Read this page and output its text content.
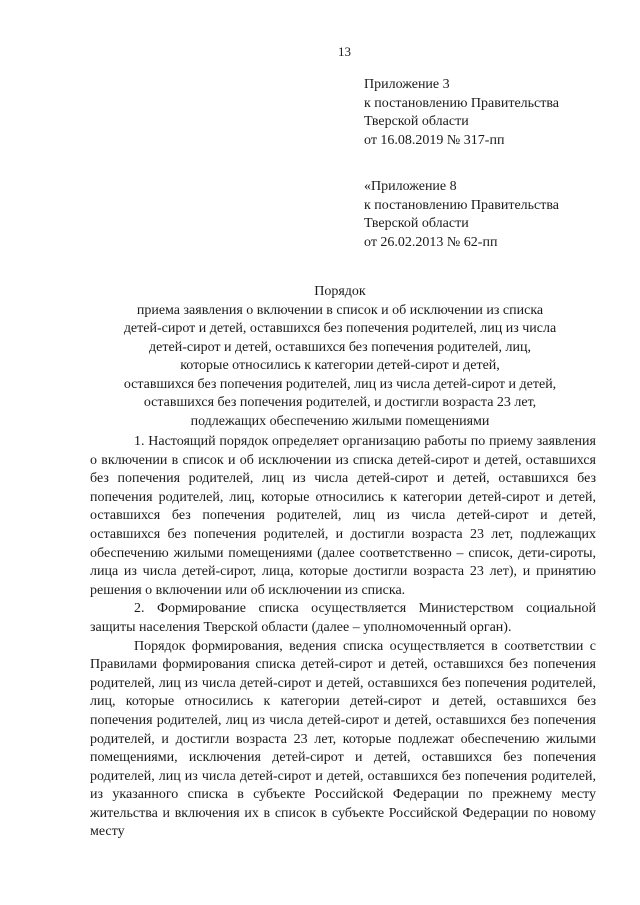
13
Приложение 3
к постановлению Правительства
Тверской области
от 16.08.2019 № 317-пп
«Приложение 8
к постановлению Правительства
Тверской области
от 26.02.2013 № 62-пп
Порядок
приема заявления о включении в список и об исключении из списка
детей-сирот и детей, оставшихся без попечения родителей, лиц из числа
детей-сирот и детей, оставшихся без попечения родителей, лиц,
которые относились к категории детей-сирот и детей,
оставшихся без попечения родителей, лиц из числа детей-сирот и детей,
оставшихся без попечения родителей, и достигли возраста 23 лет,
подлежащих обеспечению жилыми помещениями

1. Настоящий порядок определяет организацию работы по приему заявления о включении в список и об исключении из списка детей-сирот и детей, оставшихся без попечения родителей, лиц из числа детей-сирот и детей, оставшихся без попечения родителей, лиц, которые относились к категории детей-сирот и детей, оставшихся без попечения родителей, лиц из числа детей-сирот и детей, оставшихся без попечения родителей, и достигли возраста 23 лет, подлежащих обеспечению жилыми помещениями (далее соответственно – список, дети-сироты, лица из числа детей-сирот, лица, которые достигли возраста 23 лет), и принятию решения о включении или об исключении из списка.

2. Формирование списка осуществляется Министерством социальной защиты населения Тверской области (далее – уполномоченный орган).

Порядок формирования, ведения списка осуществляется в соответствии с Правилами формирования списка детей-сирот и детей, оставшихся без попечения родителей, лиц из числа детей-сирот и детей, оставшихся без попечения родителей, лиц, которые относились к категории детей-сирот и детей, оставшихся без попечения родителей, лиц из числа детей-сирот и детей, оставшихся без попечения родителей, и достигли возраста 23 лет, которые подлежат обеспечению жилыми помещениями, исключения детей-сирот и детей, оставшихся без попечения родителей, лиц из числа детей-сирот и детей, оставшихся без попечения родителей, из указанного списка в субъекте Российской Федерации по прежнему месту жительства и включения их в список в субъекте Российской Федерации по новому месту
